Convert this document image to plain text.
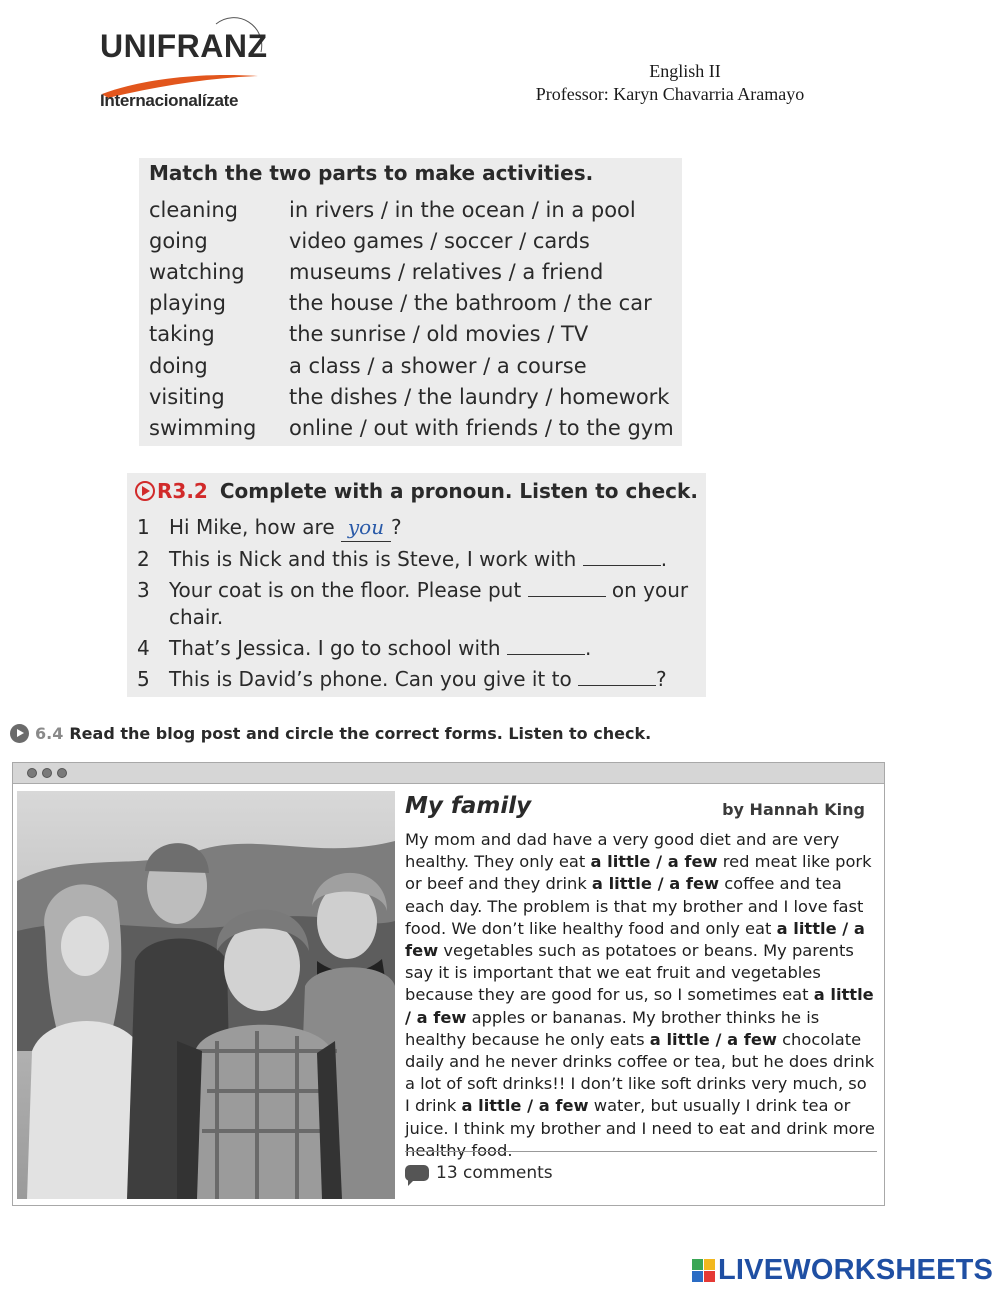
UNIFRANZ
Internacionalízate
English II
Professor: Karyn Chavarria Aramayo
Match the two parts to make activities.
cleaning	in rivers / in the ocean / in a pool
going	video games / soccer / cards
watching	museums / relatives / a friend
playing	the house / the bathroom / the car
taking	the sunrise / old movies / TV
doing	a class / a shower / a course
visiting	the dishes / the laundry / homework
swimming	online / out with friends / to the gym
R3.2 Complete with a pronoun. Listen to check.
1 Hi Mike, how are you ?
2 This is Nick and this is Steve, I work with	.
3 Your coat is on the floor. Please put	on your chair.
4 That’s Jessica. I go to school with	.
5 This is David’s phone. Can you give it to	?
6.4 Read the blog post and circle the correct forms. Listen to check.
My family	by Hannah King
My mom and dad have a very good diet and are very healthy. They only eat a little / a few red meat like pork or beef and they drink a little / a few coffee and tea each day. The problem is that my brother and I love fast food. We don’t like healthy food and only eat a little / a few vegetables such as potatoes or beans. My parents say it is important that we eat fruit and vegetables because they are good for us, so I sometimes eat a little / a few apples or bananas. My brother thinks he is healthy because he only eats a little / a few chocolate daily and he never drinks coffee or tea, but he does drink a lot of soft drinks!! I don’t like soft drinks very much, so I drink a little / a few water, but usually I drink tea or juice. I think my brother and I need to eat and drink more healthy food.
13 comments
LIVEWORKSHEETS
